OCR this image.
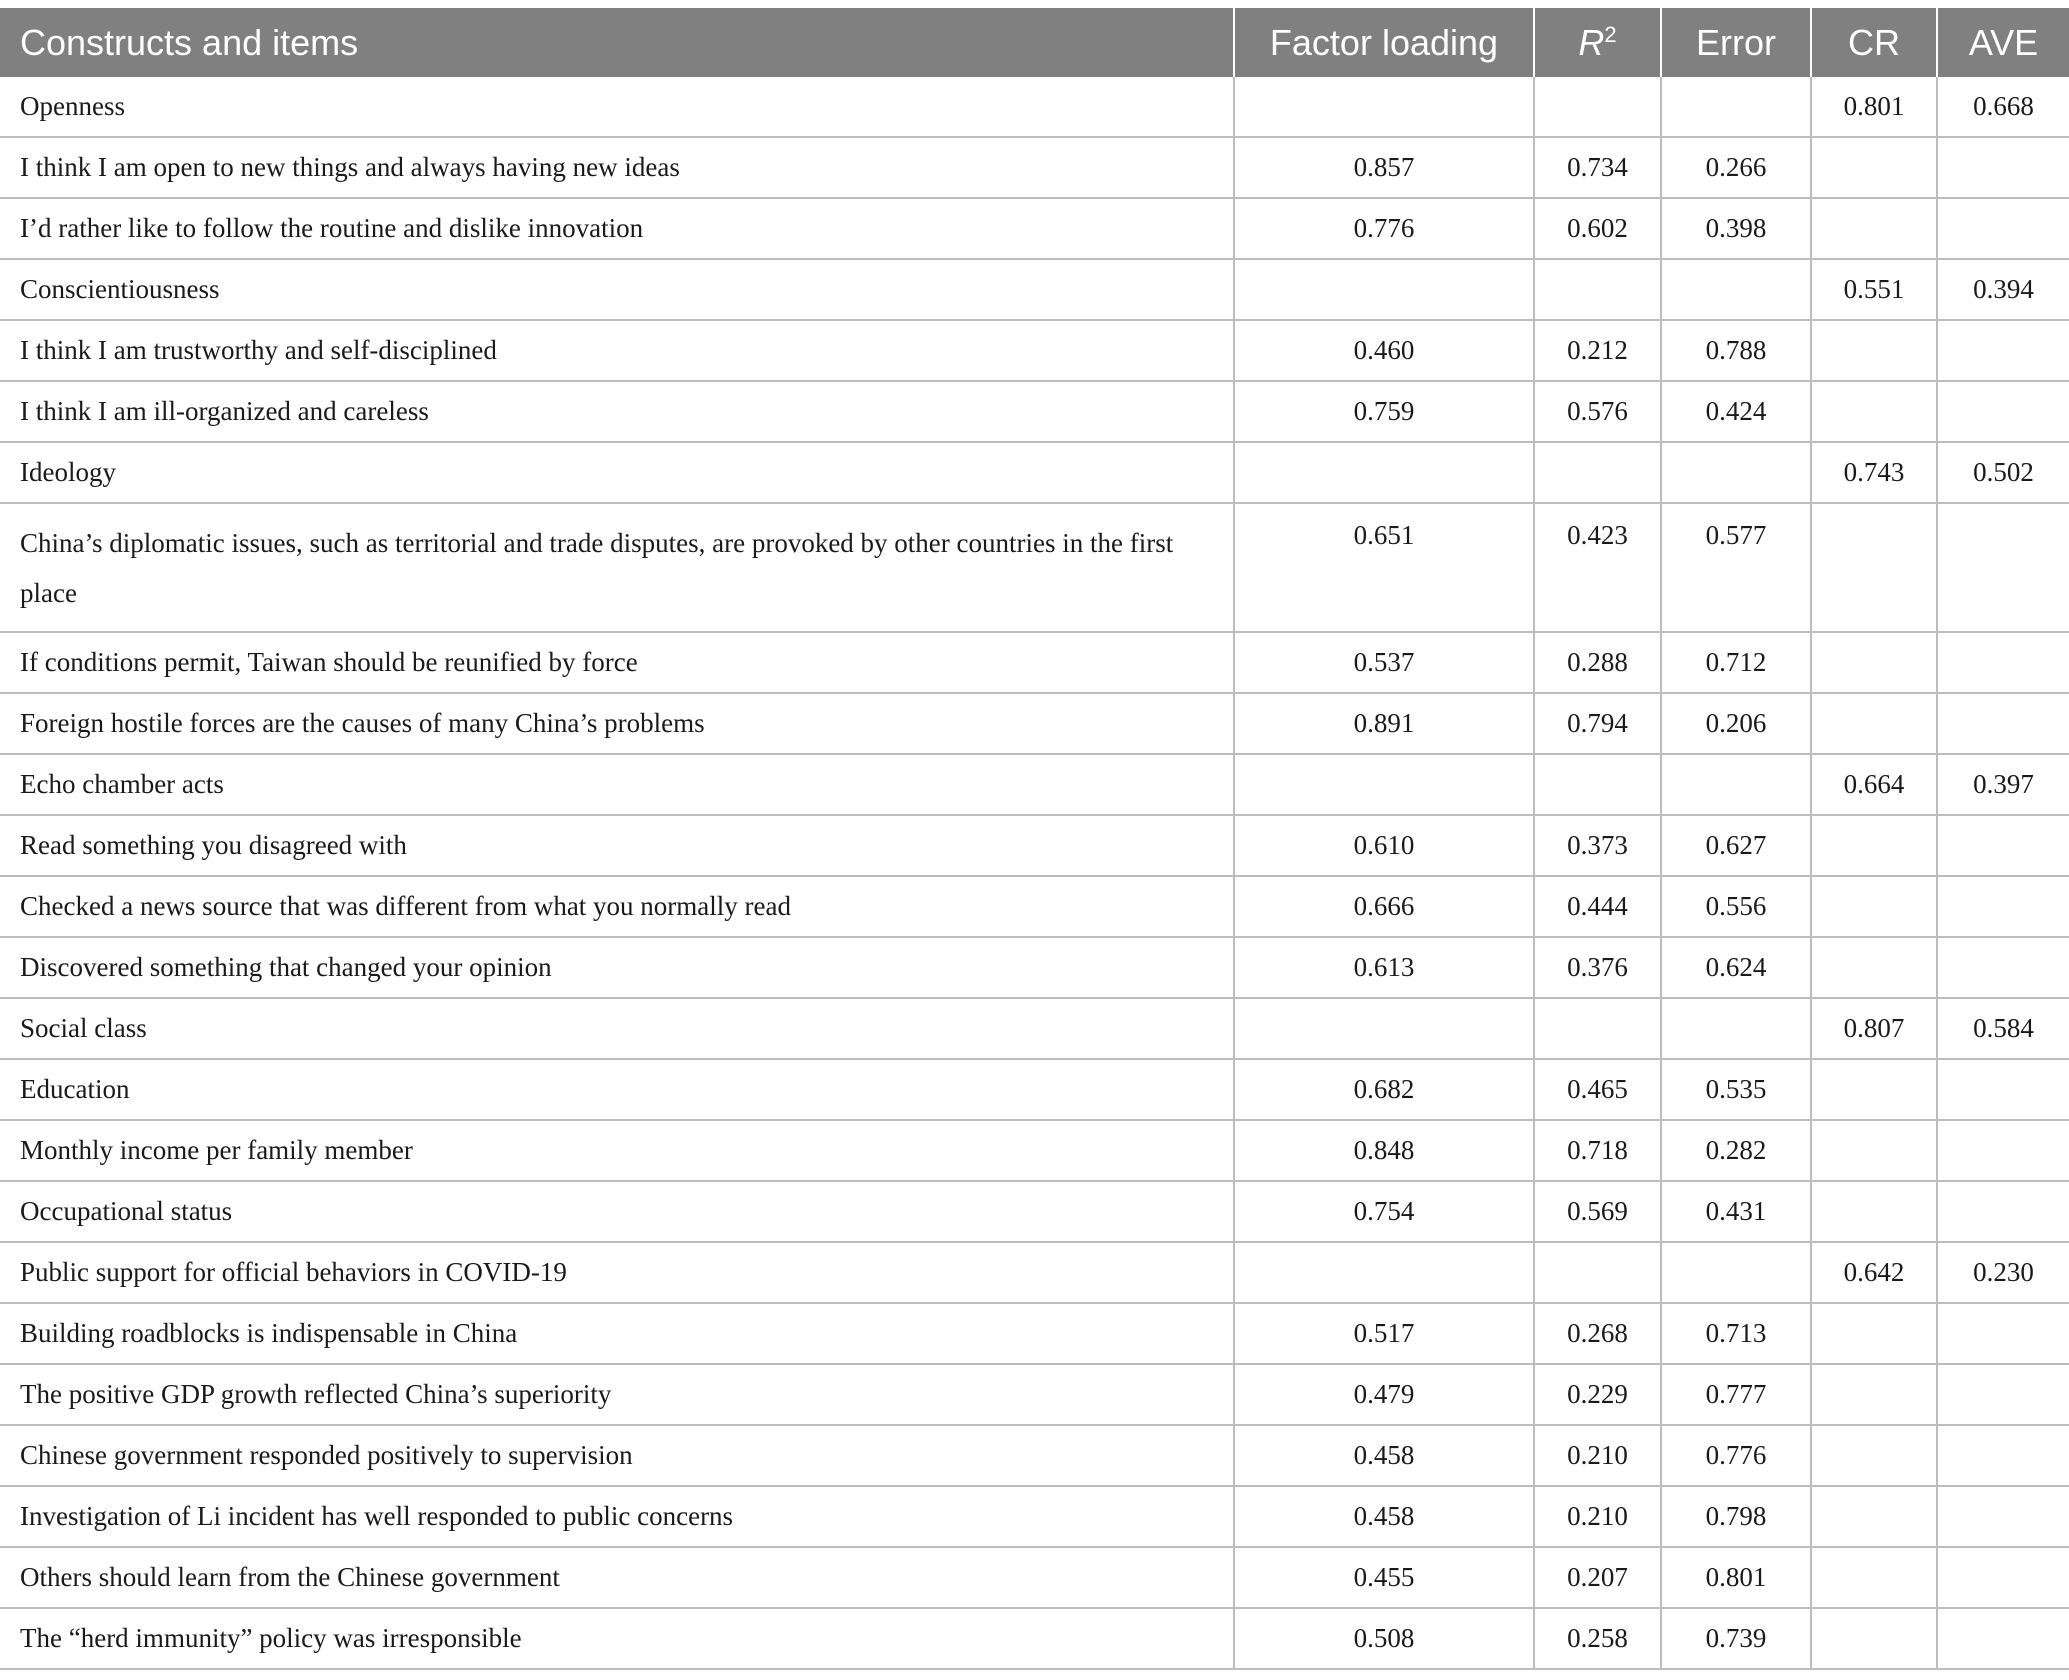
Constructs and items	Factor loading	$R^2$	Error	CR	AVE
Openness				0.801	0.668
I think I am open to new things and always having new ideas	0.857	0.734	0.266		
I’d rather like to follow the routine and dislike innovation	0.776	0.602	0.398		
Conscientiousness				0.551	0.394
I think I am trustworthy and self-disciplined	0.460	0.212	0.788		
I think I am ill-organized and careless	0.759	0.576	0.424		
Ideology				0.743	0.502
China’s diplomatic issues, such as territorial and trade disputes, are provoked by other countries in the first place	0.651	0.423	0.577		
If conditions permit, Taiwan should be reunified by force	0.537	0.288	0.712		
Foreign hostile forces are the causes of many China’s problems	0.891	0.794	0.206		
Echo chamber acts				0.664	0.397
Read something you disagreed with	0.610	0.373	0.627		
Checked a news source that was different from what you normally read	0.666	0.444	0.556		
Discovered something that changed your opinion	0.613	0.376	0.624		
Social class				0.807	0.584
Education	0.682	0.465	0.535		
Monthly income per family member	0.848	0.718	0.282		
Occupational status	0.754	0.569	0.431		
Public support for official behaviors in COVID-19				0.642	0.230
Building roadblocks is indispensable in China	0.517	0.268	0.713		
The positive GDP growth reflected China’s superiority	0.479	0.229	0.777		
Chinese government responded positively to supervision	0.458	0.210	0.776		
Investigation of Li incident has well responded to public concerns	0.458	0.210	0.798		
Others should learn from the Chinese government	0.455	0.207	0.801		
The “herd immunity” policy was irresponsible	0.508	0.258	0.739		
